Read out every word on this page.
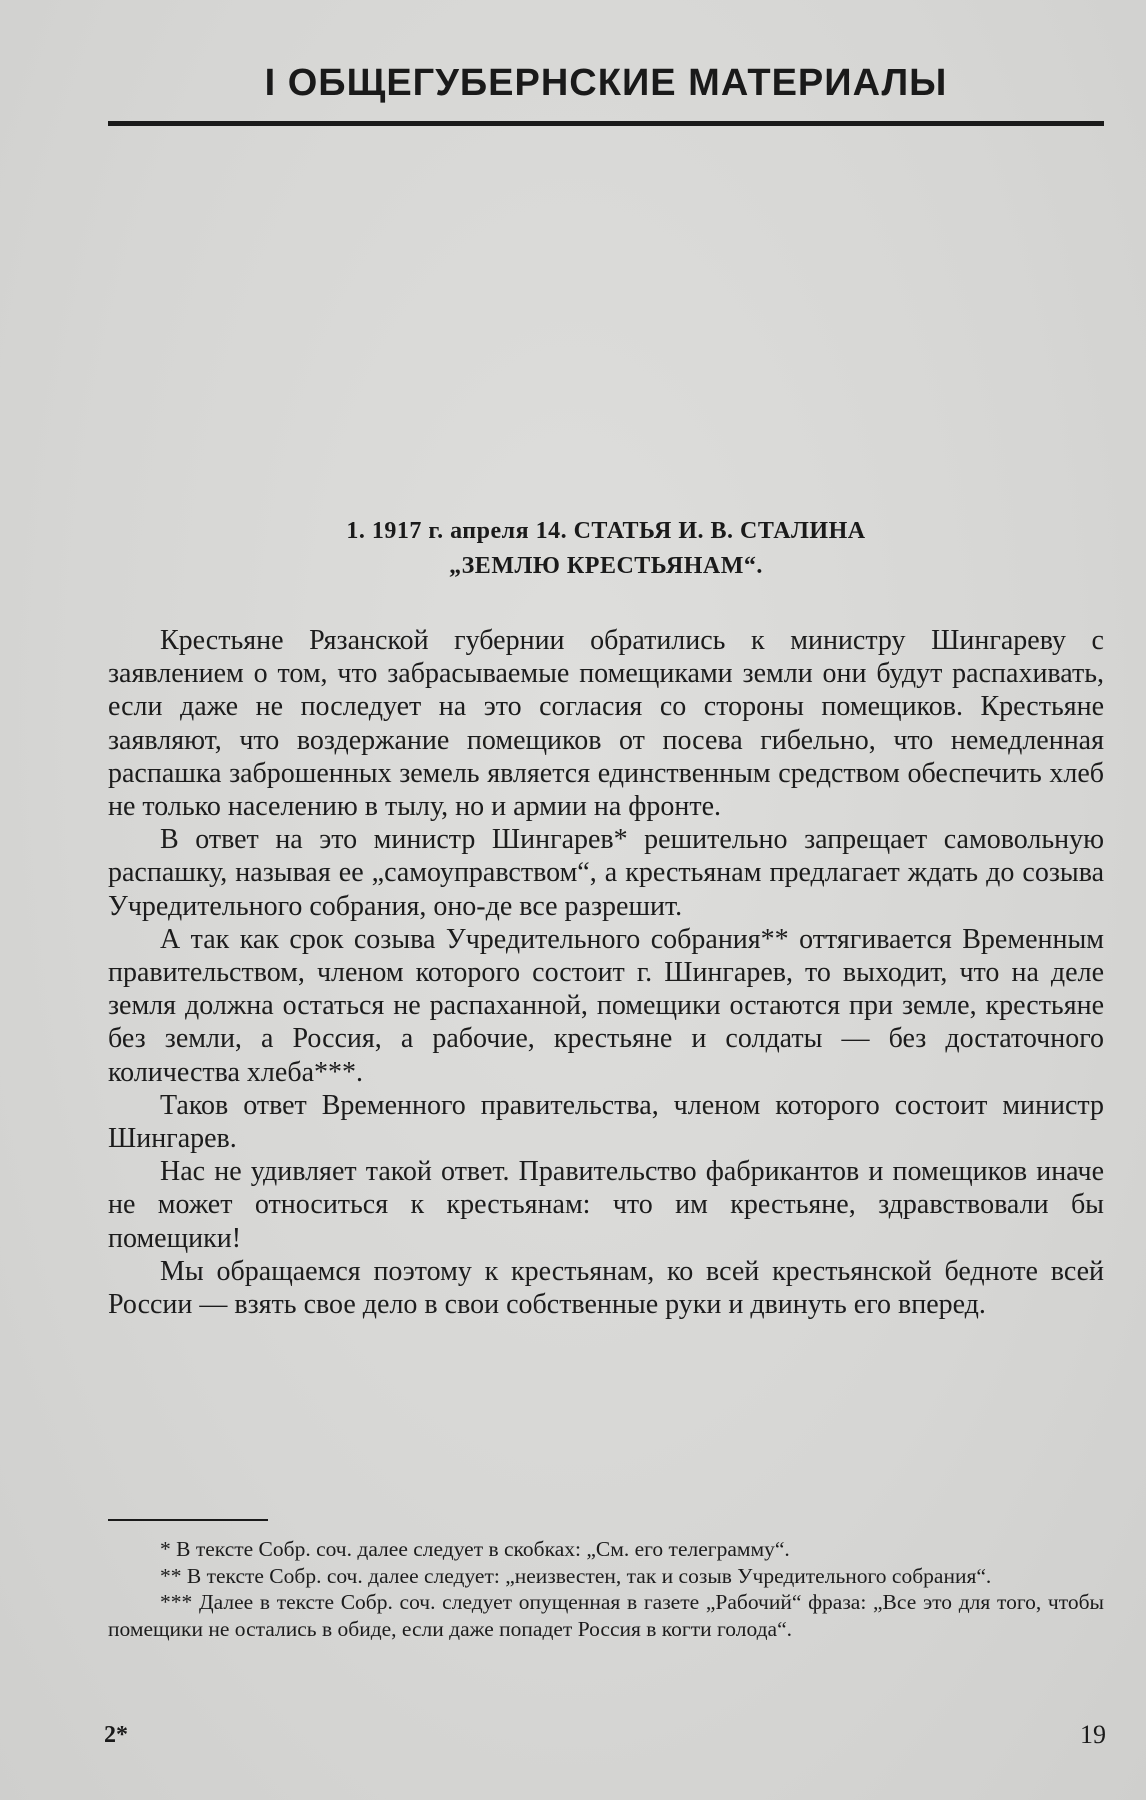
I ОБЩЕГУБЕРНСКИЕ МАТЕРИАЛЫ
1. 1917 г. апреля 14. СТАТЬЯ И. В. СТАЛИНА
„ЗЕМЛЮ КРЕСТЬЯНАМ“.

Крестьяне Рязанской губернии обратились к министру Шингареву с заявлением о том, что забрасываемые помещиками земли они будут распахивать, если даже не последует на это согласия со стороны помещиков. Крестьяне заявляют, что воздержание помещиков от посева гибельно, что немедленная распашка заброшенных земель является единственным средством обеспечить хлеб не только населению в тылу, но и армии на фронте.

В ответ на это министр Шингарев* решительно запрещает самовольную распашку, называя ее „самоуправством“, а крестьянам предлагает ждать до созыва Учредительного собрания, оно-де все разрешит.

А так как срок созыва Учредительного собрания** оттягивается Временным правительством, членом которого состоит г. Шингарев, то выходит, что на деле земля должна остаться не распаханной, помещики остаются при земле, крестьяне без земли, а Россия, а рабочие, крестьяне и солдаты — без достаточного количества хлеба***.

Таков ответ Временного правительства, членом которого состоит министр Шингарев.

Нас не удивляет такой ответ. Правительство фабрикантов и помещиков иначе не может относиться к крестьянам: что им крестьяне, здравствовали бы помещики!

Мы обращаемся поэтому к крестьянам, ко всей крестьянской бедноте всей России — взять свое дело в свои собственные руки и двинуть его вперед.

* В тексте Собр. соч. далее следует в скобках: „См. его телеграмму“.

** В тексте Собр. соч. далее следует: „неизвестен, так и созыв Учредительного собрания“.

*** Далее в тексте Собр. соч. следует опущенная в газете „Рабочий“ фраза: „Все это для того, чтобы помещики не остались в обиде, если даже попадет Россия в когти голода“.

2*	19
